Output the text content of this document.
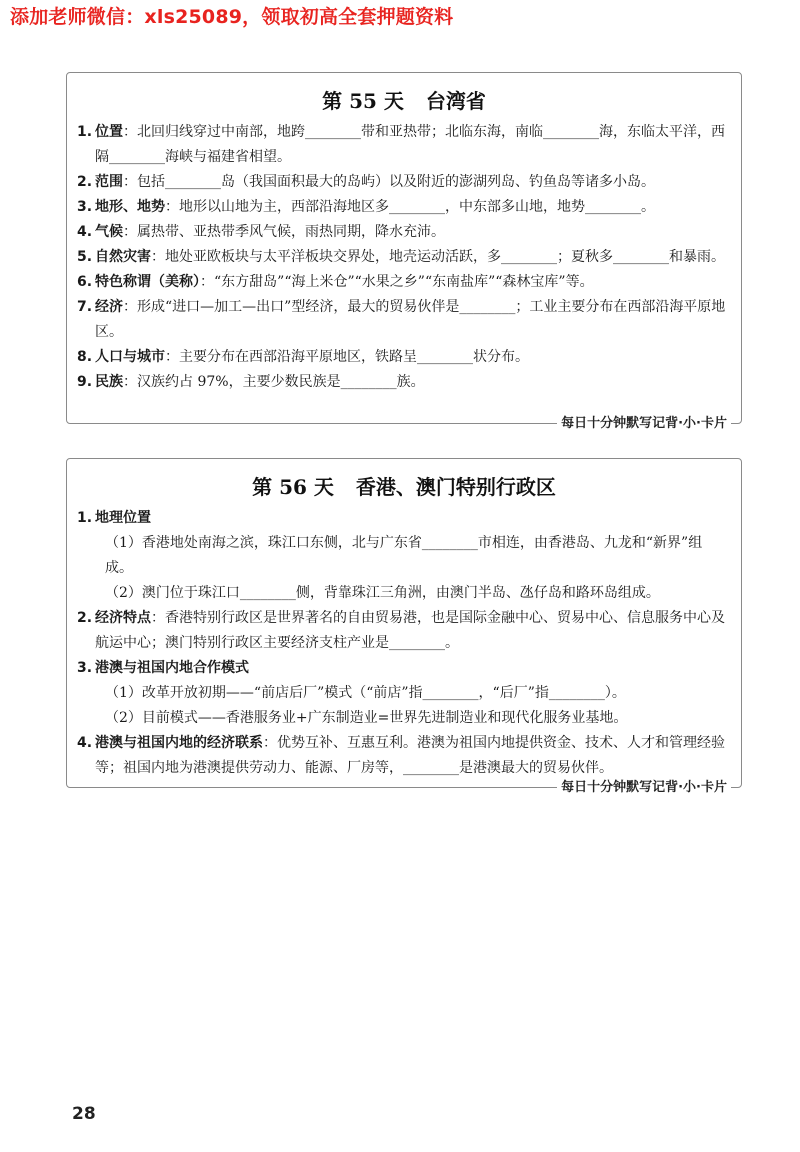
添加老师微信：xls25089，领取初高全套押题资料
第 55 天 台湾省
1. 位置：北回归线穿过中南部，地跨________带和亚热带；北临东海，南临________海，东临太平洋，西隔________海峡与福建省相望。
2. 范围：包括________岛（我国面积最大的岛屿）以及附近的澎湖列岛、钓鱼岛等诸多小岛。
3. 地形、地势：地形以山地为主，西部沿海地区多________，中东部多山地，地势________。
4. 气候：属热带、亚热带季风气候，雨热同期，降水充沛。
5. 自然灾害：地处亚欧板块与太平洋板块交界处，地壳运动活跃，多________；夏秋多________和暴雨。
6. 特色称谓（美称）：“东方甜岛”“海上米仓”“水果之乡”“东南盐库”“森林宝库”等。
7. 经济：形成“进口—加工—出口”型经济，最大的贸易伙伴是________；工业主要分布在西部沿海平原地区。
8. 人口与城市：主要分布在西部沿海平原地区，铁路呈________状分布。
9. 民族：汉族约占 97%，主要少数民族是________族。
每日十分钟默写记背·小·卡片
第 56 天 香港、澳门特别行政区
1. 地理位置
（1）香港地处南海之滨，珠江口东侧，北与广东省________市相连，由香港岛、九龙和“新界”组成。
（2）澳门位于珠江口________侧，背靠珠江三角洲，由澳门半岛、氹仔岛和路环岛组成。
2. 经济特点：香港特别行政区是世界著名的自由贸易港，也是国际金融中心、贸易中心、信息服务中心及航运中心；澳门特别行政区主要经济支柱产业是________。
3. 港澳与祖国内地合作模式
（1）改革开放初期——“前店后厂”模式（“前店”指________，“后厂”指________）。
（2）目前模式——香港服务业+广东制造业=世界先进制造业和现代化服务业基地。
4. 港澳与祖国内地的经济联系：优势互补、互惠互利。港澳为祖国内地提供资金、技术、人才和管理经验等；祖国内地为港澳提供劳动力、能源、厂房等，________是港澳最大的贸易伙伴。
每日十分钟默写记背·小·卡片
28
